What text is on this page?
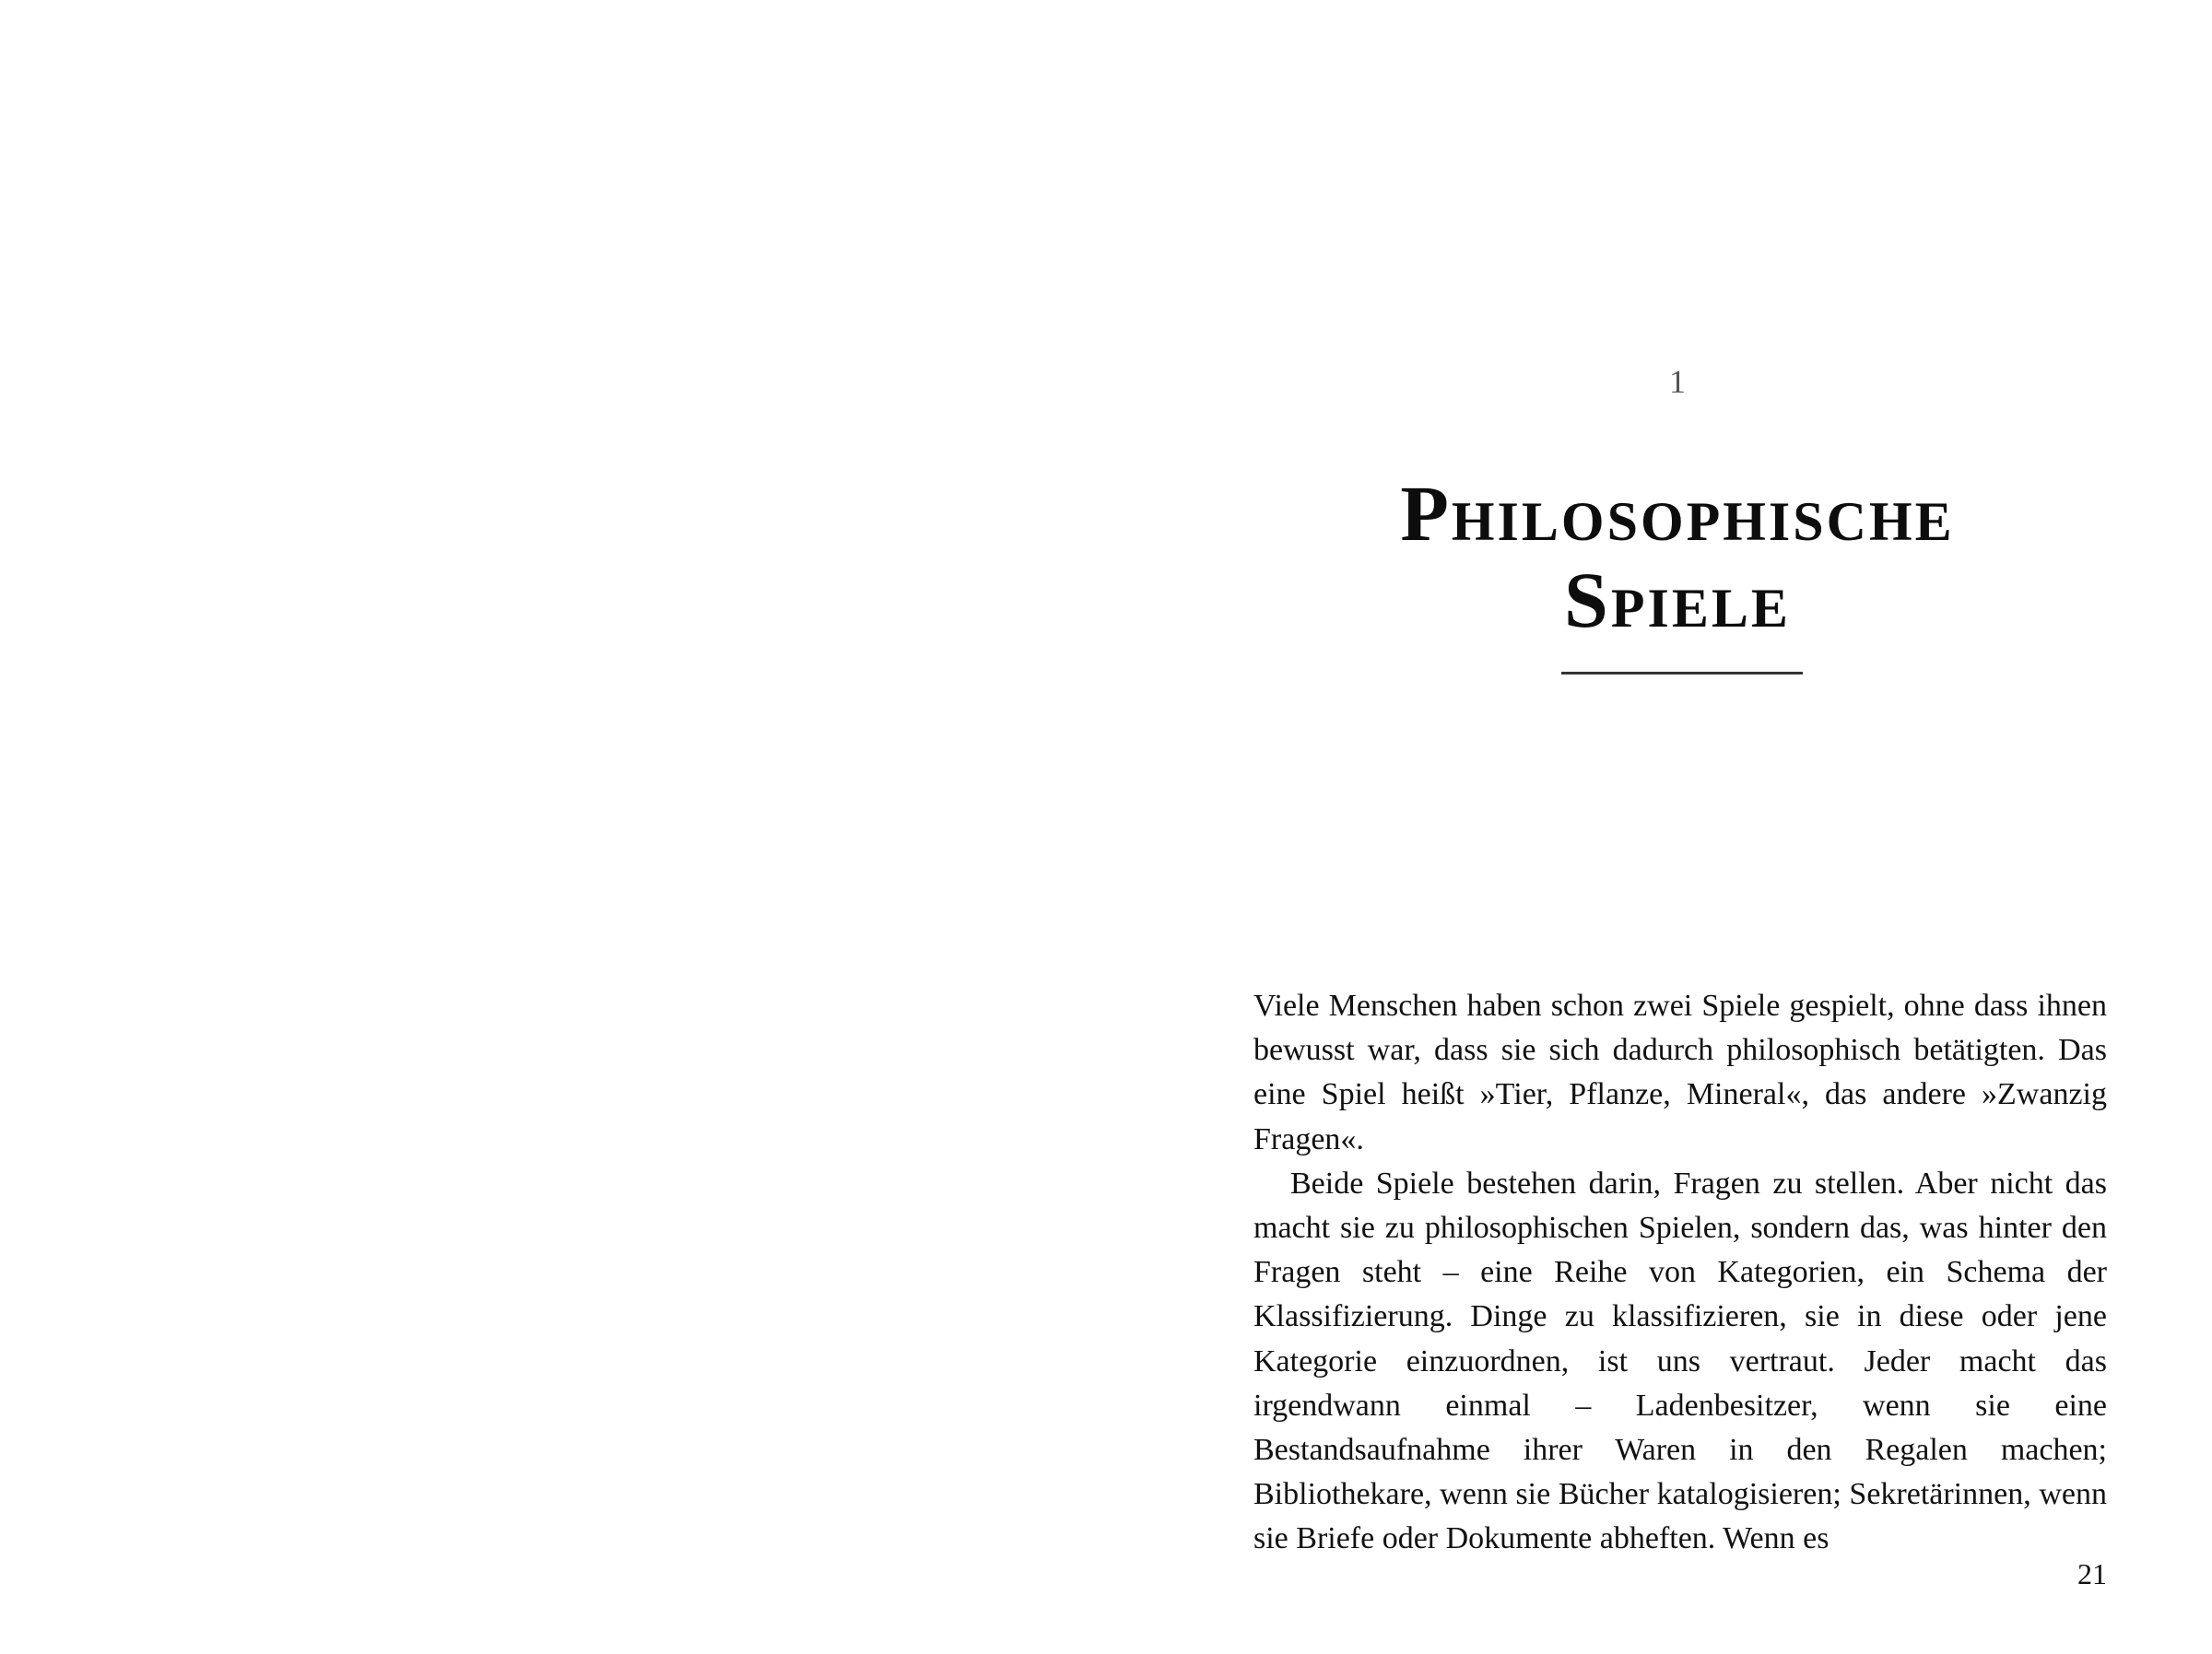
1
Philosophische
Spiele

Viele Menschen haben schon zwei Spiele gespielt, ohne dass ihnen bewusst war, dass sie sich dadurch philosophisch betätigten. Das eine Spiel heißt »Tier, Pflanze, Mineral«, das andere »Zwanzig Fragen«.

Beide Spiele bestehen darin, Fragen zu stellen. Aber nicht das macht sie zu philosophischen Spielen, sondern das, was hinter den Fragen steht – eine Reihe von Kategorien, ein Schema der Klassifizierung. Dinge zu klassifizieren, sie in diese oder jene Kategorie einzuordnen, ist uns vertraut. Jeder macht das irgendwann einmal – Ladenbesitzer, wenn sie eine Bestandsaufnahme ihrer Waren in den Regalen machen; Bibliothekare, wenn sie Bücher katalogisieren; Sekretärinnen, wenn sie Briefe oder Dokumente abheften. Wenn es

21
